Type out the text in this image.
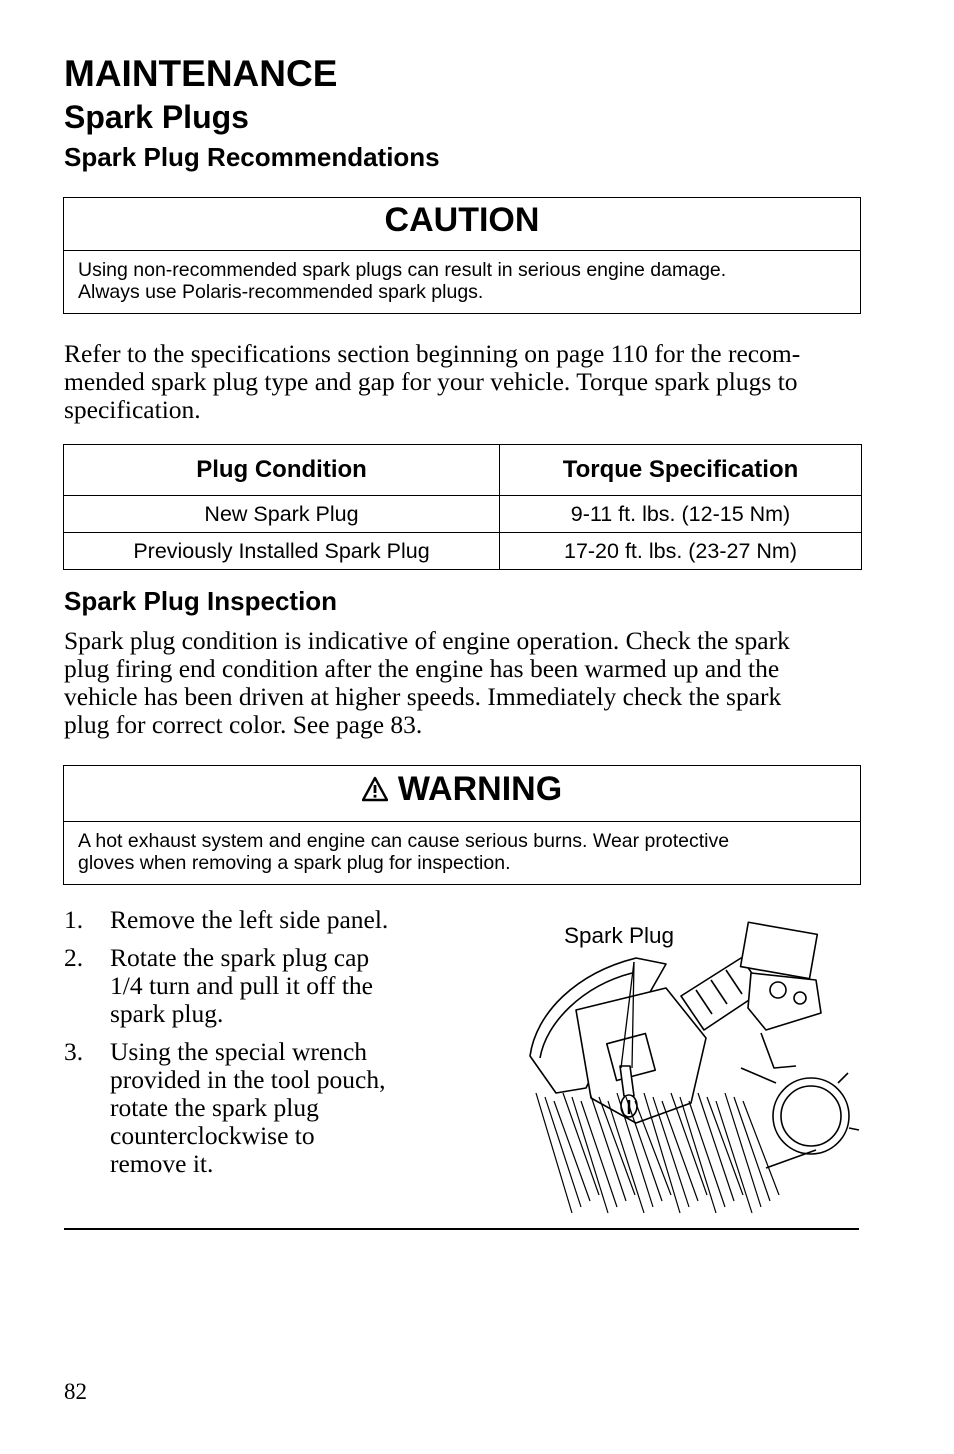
MAINTENANCE
Spark Plugs
Spark Plug Recommendations
CAUTION
Using non-recommended spark plugs can result in serious engine damage.
Always use Polaris-recommended spark plugs.
Refer to the specifications section beginning on page 110 for the recom-
mended spark plug type and gap for your vehicle. Torque spark plugs to
specification.
Plug Condition	Torque Specification
New Spark Plug	9-11 ft. lbs. (12-15 Nm)
Previously Installed Spark Plug	17-20 ft. lbs. (23-27 Nm)
Spark Plug Inspection
Spark plug condition is indicative of engine operation. Check the spark
plug firing end condition after the engine has been warmed up and the
vehicle has been driven at higher speeds. Immediately check the spark
plug for correct color. See page 83.
WARNING
A hot exhaust system and engine can cause serious burns. Wear protective
gloves when removing a spark plug for inspection.
1. Remove the left side panel.
2. Rotate the spark plug cap
1/4 turn and pull it off the
spark plug.
3. Using the special wrench
provided in the tool pouch,
rotate the spark plug
counterclockwise to
remove it.
Spark Plug
82
